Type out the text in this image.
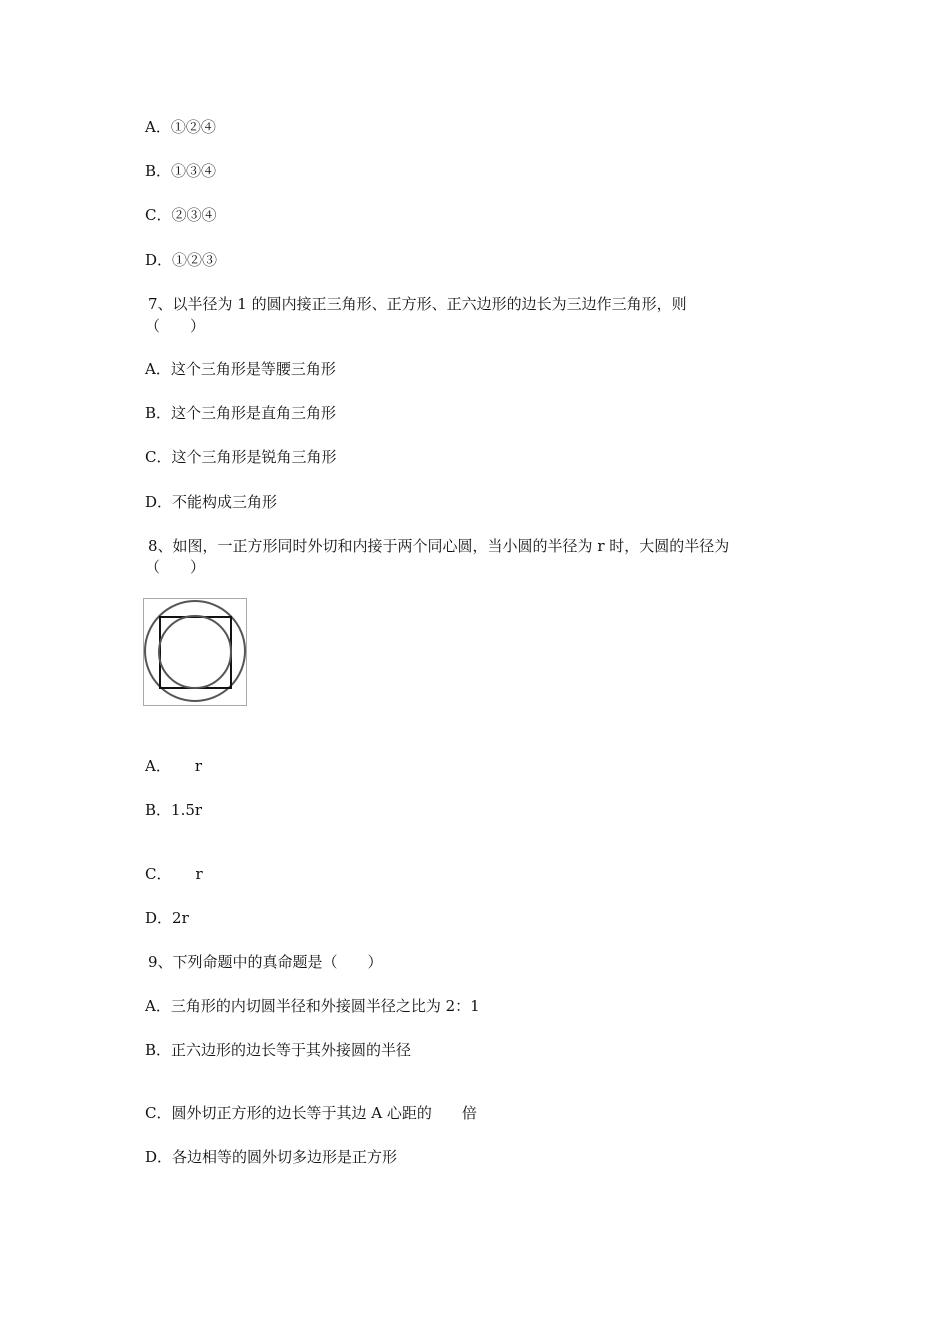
A．①②④
B．①③④
C．②③④
D．①②③
7、以半径为 1 的圆内接正三角形、正方形、正六边形的边长为三边作三角形，则
（　　）
A．这个三角形是等腰三角形
B．这个三角形是直角三角形
C．这个三角形是锐角三角形
D．不能构成三角形
8、如图，一正方形同时外切和内接于两个同心圆，当小圆的半径为 r 时，大圆的半径为
（　　）
A． r
B．1.5r
C． r
D．2r
9、下列命题中的真命题是（　　）
A．三角形的内切圆半径和外接圆半径之比为 2：1
B．正六边形的边长等于其外接圆的半径
C．圆外切正方形的边长等于其边 A 心距的 倍
D．各边相等的圆外切多边形是正方形
